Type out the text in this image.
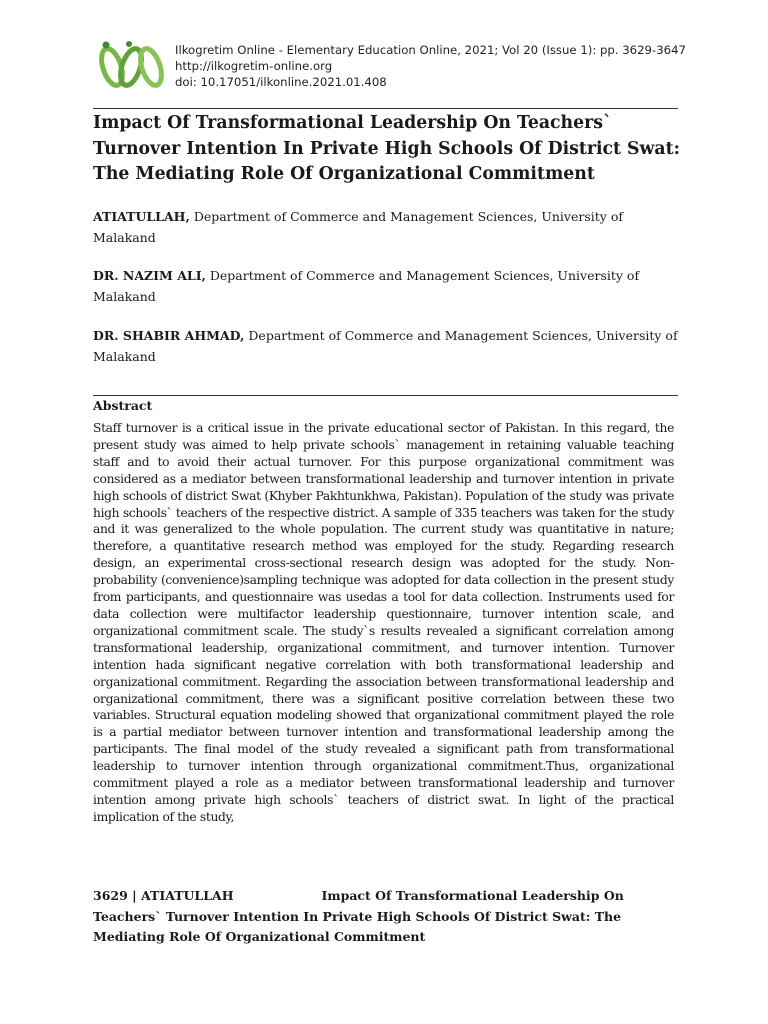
Ilkogretim Online - Elementary Education Online, 2021; Vol 20 (Issue 1): pp. 3629-3647
http://ilkogretim-online.org
doi: 10.17051/ilkonline.2021.01.408
Impact Of Transformational Leadership On Teachers` Turnover Intention In Private High Schools Of District Swat: The Mediating Role Of Organizational Commitment

ATIATULLAH, Department of Commerce and Management Sciences, University of Malakand

DR. NAZIM ALI, Department of Commerce and Management Sciences, University of Malakand

DR. SHABIR AHMAD, Department of Commerce and Management Sciences, University of Malakand

Abstract

Staff turnover is a critical issue in the private educational sector of Pakistan. In this regard, the present study was aimed to help private schools` management in retaining valuable teaching staff and to avoid their actual turnover. For this purpose organizational commitment was considered as a mediator between transformational leadership and turnover intention in private high schools of district Swat (Khyber Pakhtunkhwa, Pakistan). Population of the study was private high schools` teachers of the respective district. A sample of 335 teachers was taken for the study and it was generalized to the whole population. The current study was quantitative in nature; therefore, a quantitative research method was employed for the study. Regarding research design, an experimental cross-sectional research design was adopted for the study. Non-probability (convenience)sampling technique was adopted for data collection in the present study from participants, and questionnaire was usedas a tool for data collection. Instruments used for data collection were multifactor leadership questionnaire, turnover intention scale, and organizational commitment scale. The study`s results revealed a significant correlation among transformational leadership, organizational commitment, and turnover intention. Turnover intention hada significant negative correlation with both transformational leadership and organizational commitment. Regarding the association between transformational leadership and organizational commitment, there was a significant positive correlation between these two variables. Structural equation modeling showed that organizational commitment played the role is a partial mediator between turnover intention and transformational leadership among the participants. The final model of the study revealed a significant path from transformational leadership to turnover intention through organizational commitment.Thus, organizational commitment played a role as a mediator between transformational leadership and turnover intention among private high schools` teachers of district swat. In light of the practical implication of the study,

3629 | ATIATULLAH	Impact Of Transformational Leadership On Teachers` Turnover Intention In Private High Schools Of District Swat: The Mediating Role Of Organizational Commitment
